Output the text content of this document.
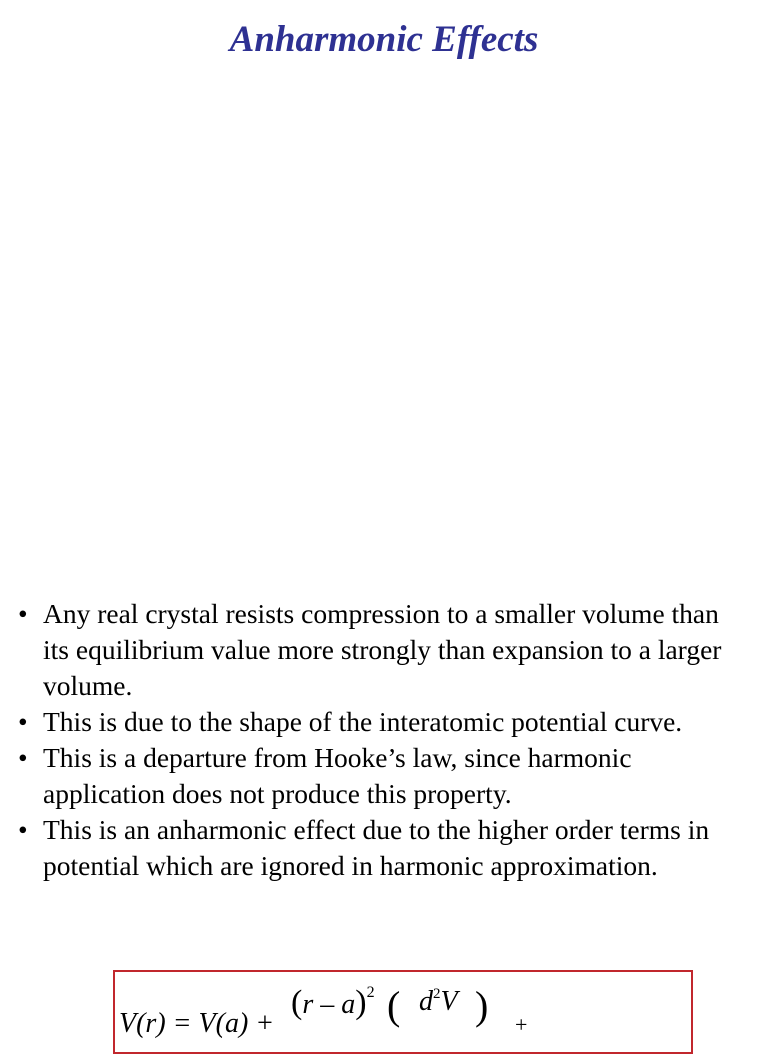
Anharmonic Effects
• Any real crystal resists compression to a smaller volume than its equilibrium value more strongly than expansion to a larger volume.
• This is due to the shape of the interatomic potential curve.
• This is a departure from Hooke’s law, since harmonic application does not produce this property.
• This is an anharmonic effect due to the higher order terms in potential which are ignored in harmonic approximation.
V(r) = V(a) +
(r – a)$^2$ ( $d^2V$ ) +
